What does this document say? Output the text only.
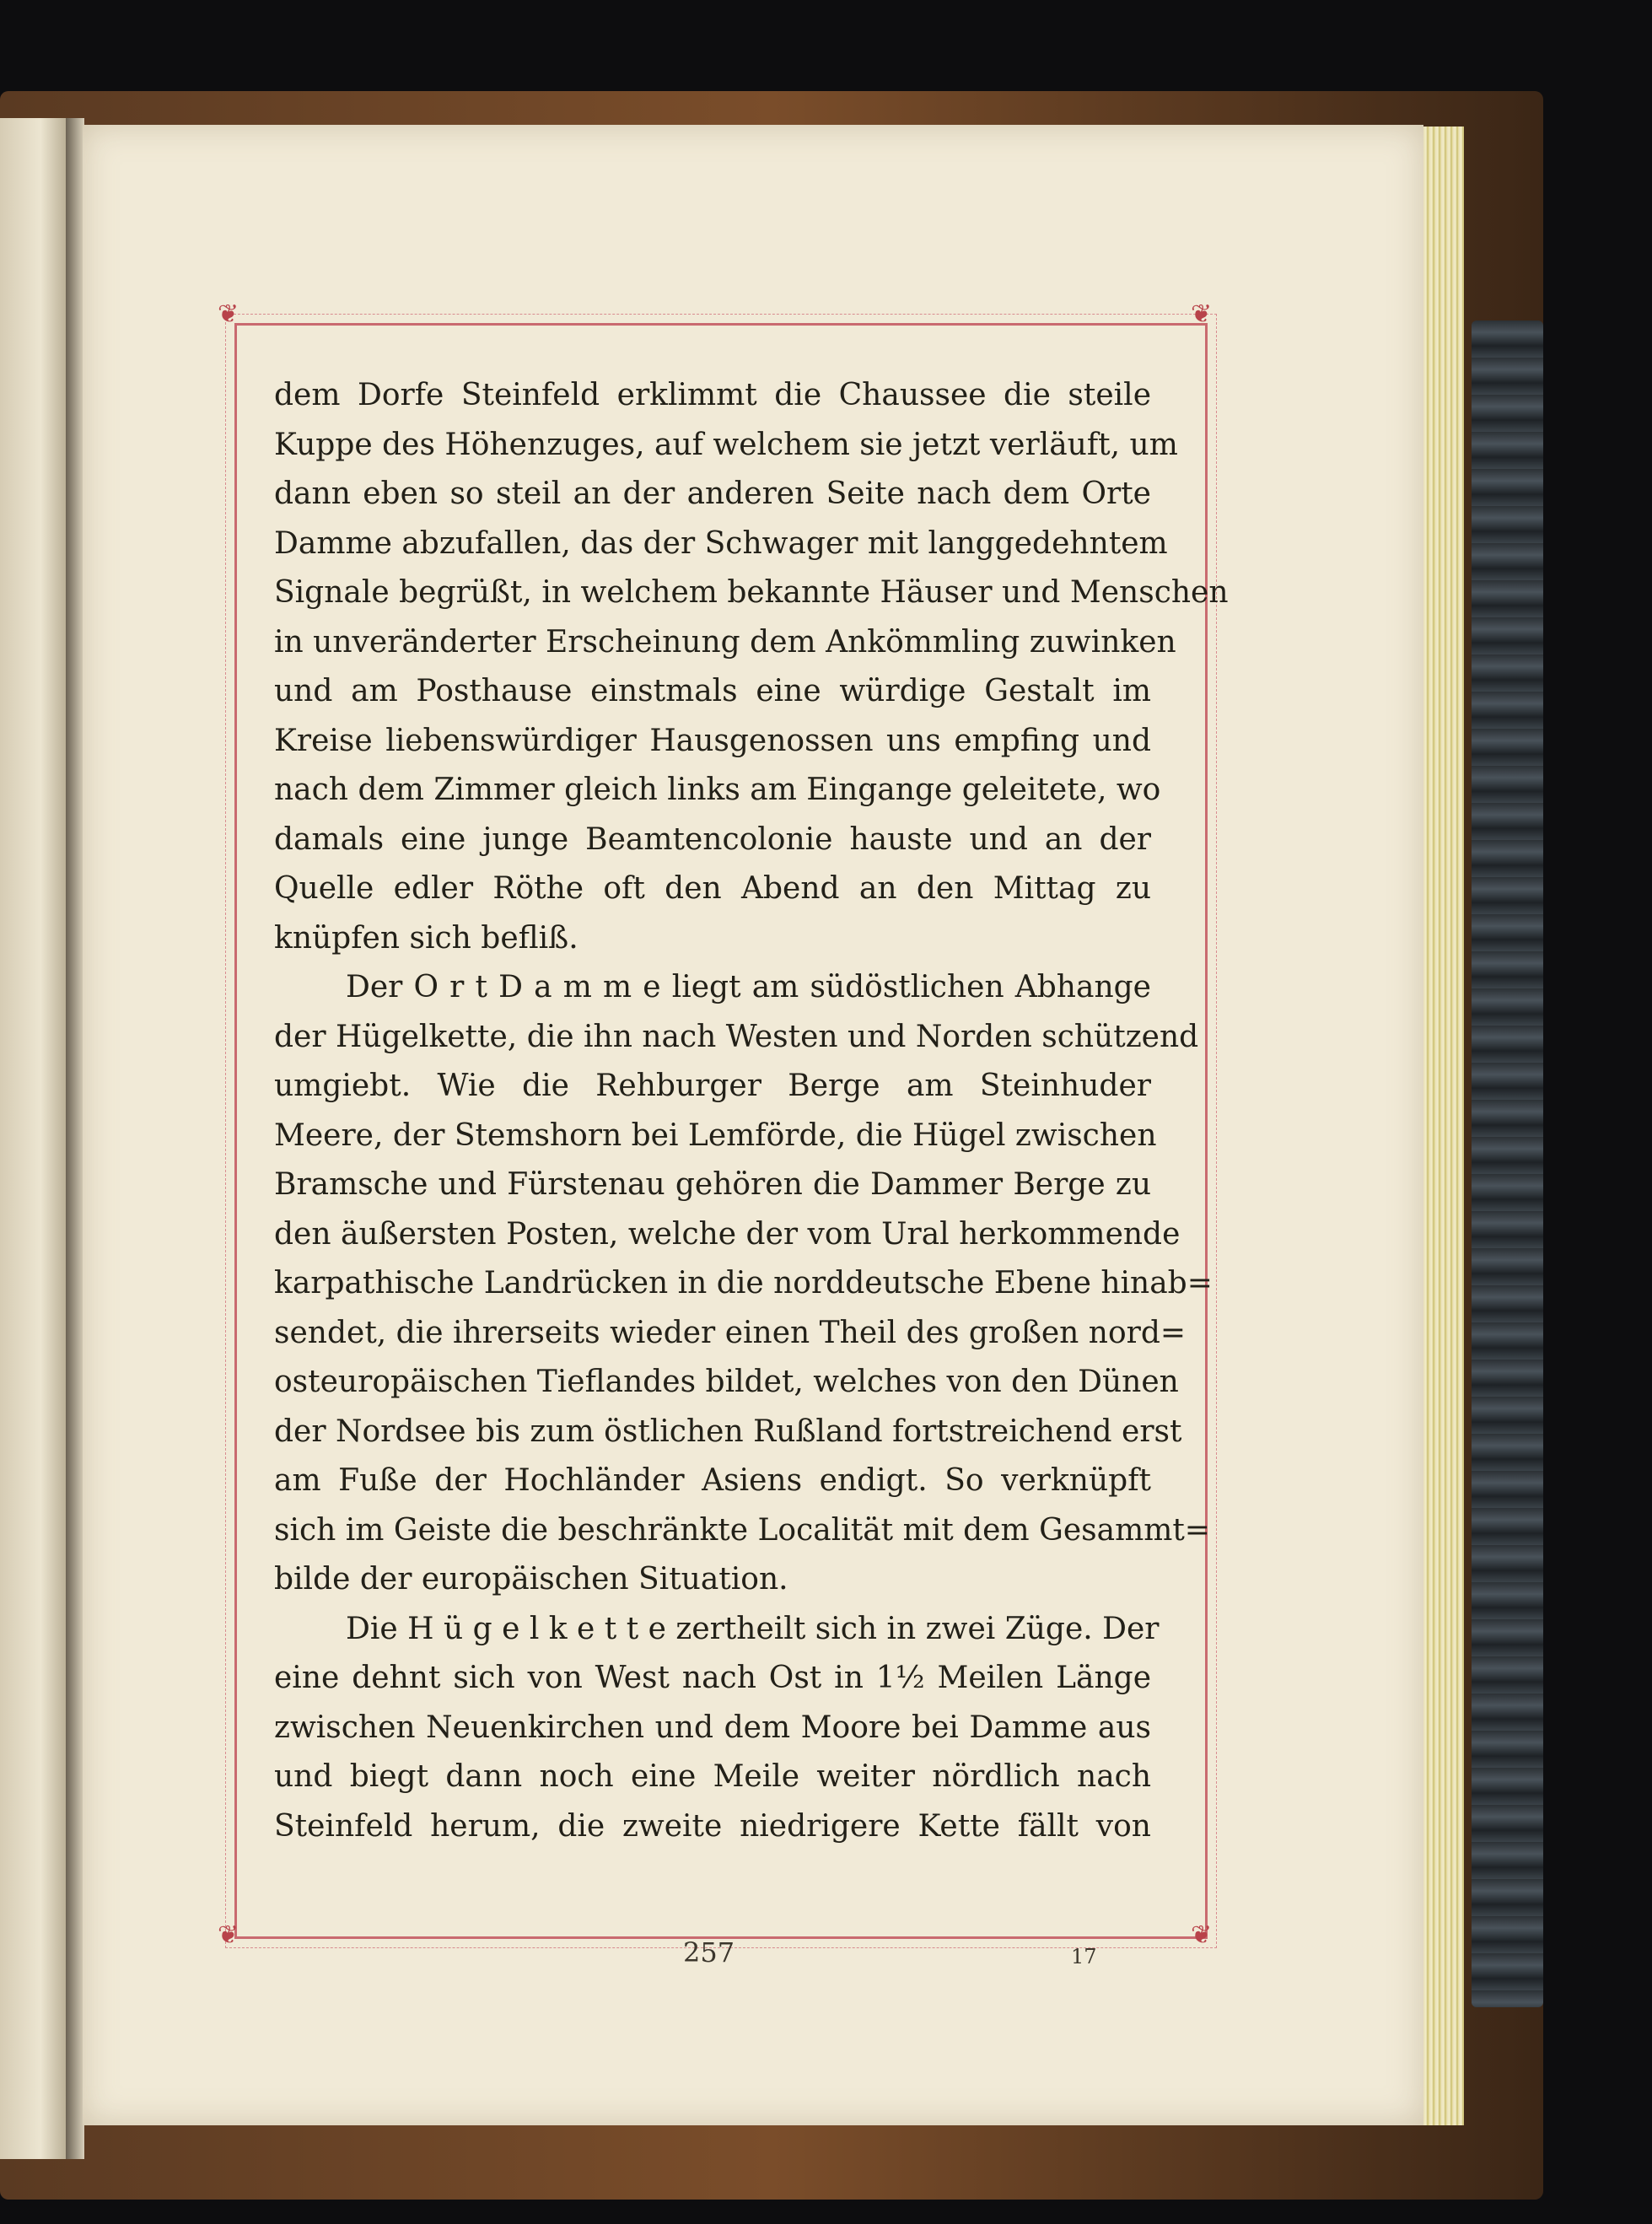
❦	❦
❦	❦
dem Dorfe Steinfeld erklimmt die Chaussee die steile
Kuppe des Höhenzuges, auf welchem sie jetzt verläuft, um
dann eben so steil an der anderen Seite nach dem Orte
Damme abzufallen, das der Schwager mit langgedehntem
Signale begrüßt, in welchem bekannte Häuser und Menschen
in unveränderter Erscheinung dem Ankömmling zuwinken
und am Posthause einstmals eine würdige Gestalt im
Kreise liebenswürdiger Hausgenossen uns empfing und
nach dem Zimmer gleich links am Eingange geleitete, wo
damals eine junge Beamtencolonie hauste und an der
Quelle edler Röthe oft den Abend an den Mittag zu
knüpfen sich befliß.
Der O r t D a m m e liegt am südöstlichen Abhange
der Hügelkette, die ihn nach Westen und Norden schützend
umgiebt. Wie die Rehburger Berge am Steinhuder
Meere, der Stemshorn bei Lemförde, die Hügel zwischen
Bramsche und Fürstenau gehören die Dammer Berge zu
den äußersten Posten, welche der vom Ural herkommende
karpathische Landrücken in die norddeutsche Ebene hinab=
sendet, die ihrerseits wieder einen Theil des großen nord=
osteuropäischen Tieflandes bildet, welches von den Dünen
der Nordsee bis zum östlichen Rußland fortstreichend erst
am Fuße der Hochländer Asiens endigt. So verknüpft
sich im Geiste die beschränkte Localität mit dem Gesammt=
bilde der europäischen Situation.
Die H ü g e l k e t t e zertheilt sich in zwei Züge. Der
eine dehnt sich von West nach Ost in 1½ Meilen Länge
zwischen Neuenkirchen und dem Moore bei Damme aus
und biegt dann noch eine Meile weiter nördlich nach
Steinfeld herum, die zweite niedrigere Kette fällt von
257	17
